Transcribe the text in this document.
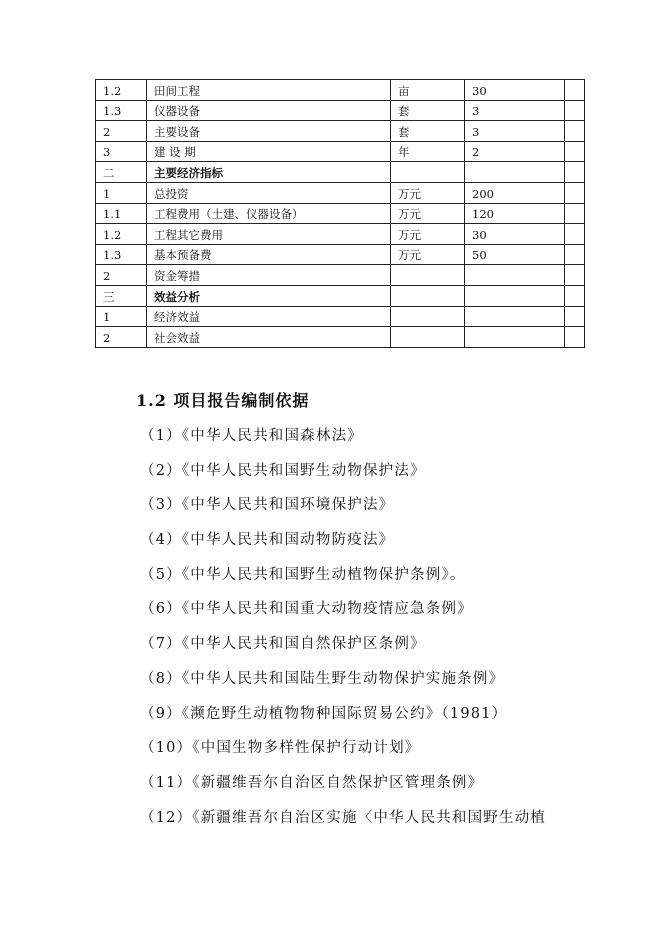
1.2	田间工程	亩	30	
1.3	仪器设备	套	3	
2	主要设备	套	3	
3	建 设 期	年	2	
二	主要经济指标			
1	总投资	万元	200	
1.1	工程费用（土建、仪器设备）	万元	120	
1.2	工程其它费用	万元	30	
1.3	基本预备费	万元	50	
2	资金筹措			
三	效益分析			
1	经济效益			
2	社会效益			
1.2 项目报告编制依据
（1）《中华人民共和国森林法》
（2）《中华人民共和国野生动物保护法》
（3）《中华人民共和国环境保护法》
（4）《中华人民共和国动物防疫法》
（5）《中华人民共和国野生动植物保护条例》。
（6）《中华人民共和国重大动物疫情应急条例》
（7）《中华人民共和国自然保护区条例》
（8）《中华人民共和国陆生野生动物保护实施条例》
（9）《濒危野生动植物物种国际贸易公约》（1981）
（10）《中国生物多样性保护行动计划》
（11）《新疆维吾尔自治区自然保护区管理条例》
（12）《新疆维吾尔自治区实施〈中华人民共和国野生动植
